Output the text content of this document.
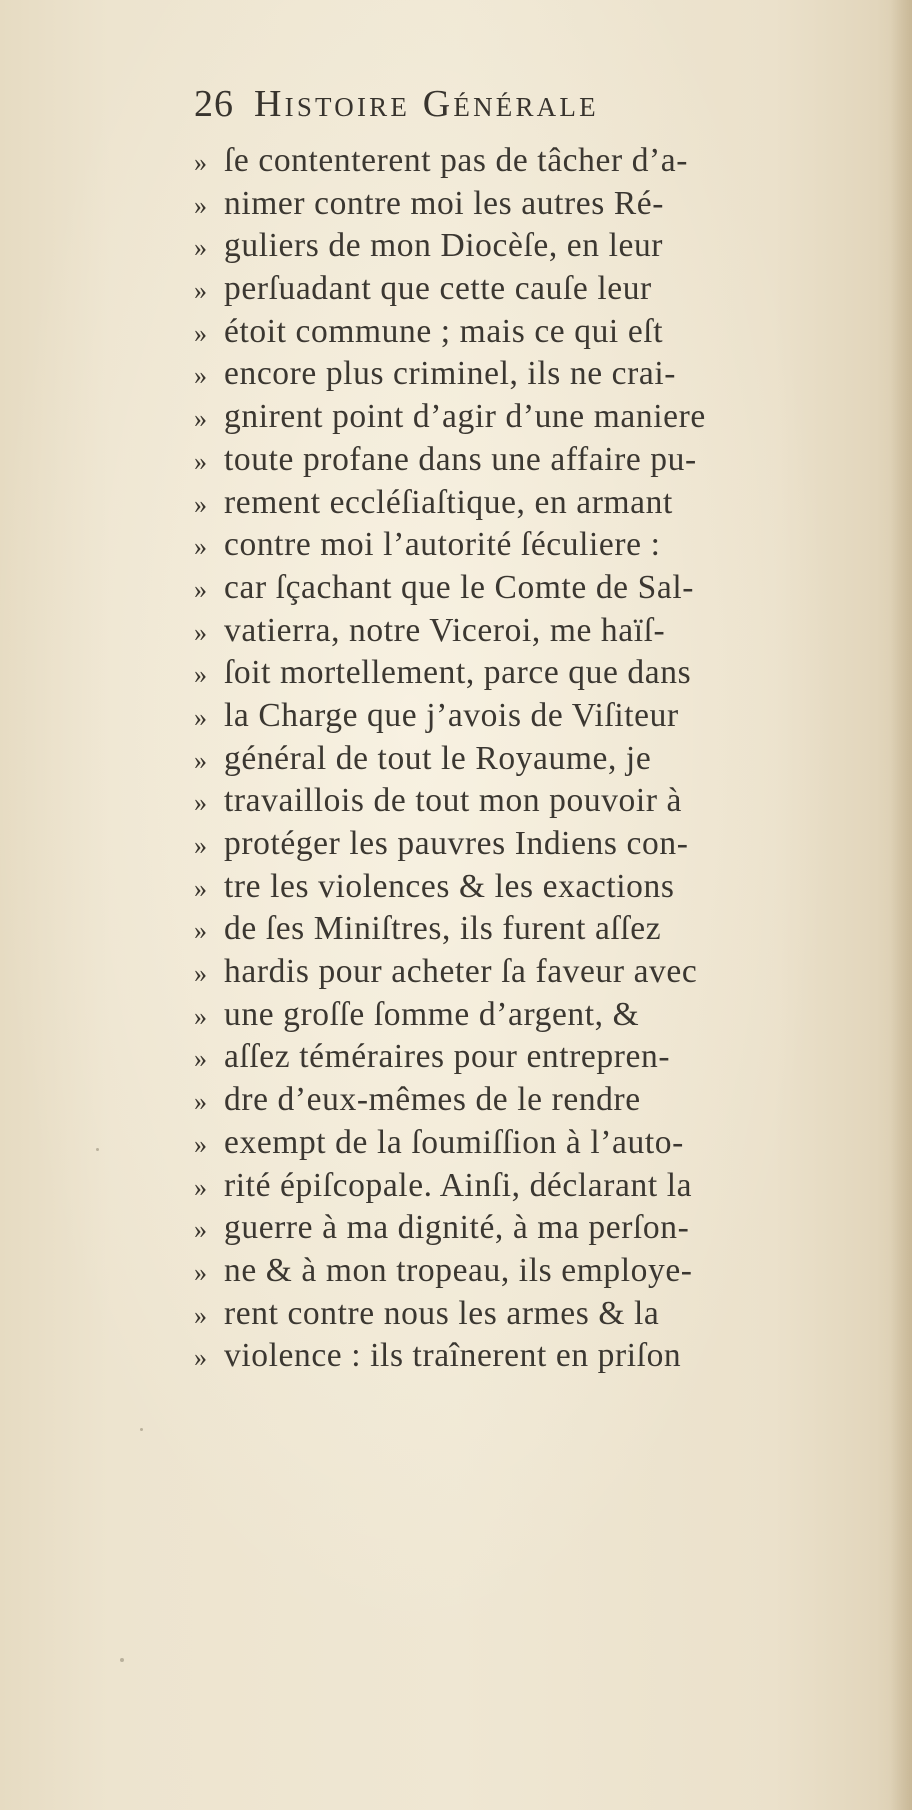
26 Histoire Générale
» ſe contenterent pas de tâcher d’a-
» nimer contre moi les autres Ré-
» guliers de mon Diocèſe, en leur
» perſuadant que cette cauſe leur
» étoit commune ; mais ce qui eſt
» encore plus criminel, ils ne crai-
» gnirent point d’agir d’une maniere
» toute profane dans une affaire pu-
» rement eccléſiaſtique, en armant
» contre moi l’autorité ſéculiere :
» car ſçachant que le Comte de Sal-
» vatierra, notre Viceroi, me haïſ-
» ſoit mortellement, parce que dans
» la Charge que j’avois de Viſiteur
» général de tout le Royaume, je
» travaillois de tout mon pouvoir à
» protéger les pauvres Indiens con-
» tre les violences & les exactions
» de ſes Miniſtres, ils furent aſſez
» hardis pour acheter ſa faveur avec
» une groſſe ſomme d’argent, &
» aſſez téméraires pour entrepren-
» dre d’eux-mêmes de le rendre
» exempt de la ſoumiſſion à l’auto-
» rité épiſcopale. Ainſi, déclarant la
» guerre à ma dignité, à ma perſon-
» ne & à mon tropeau, ils employe-
» rent contre nous les armes & la
» violence : ils traînerent en priſon
